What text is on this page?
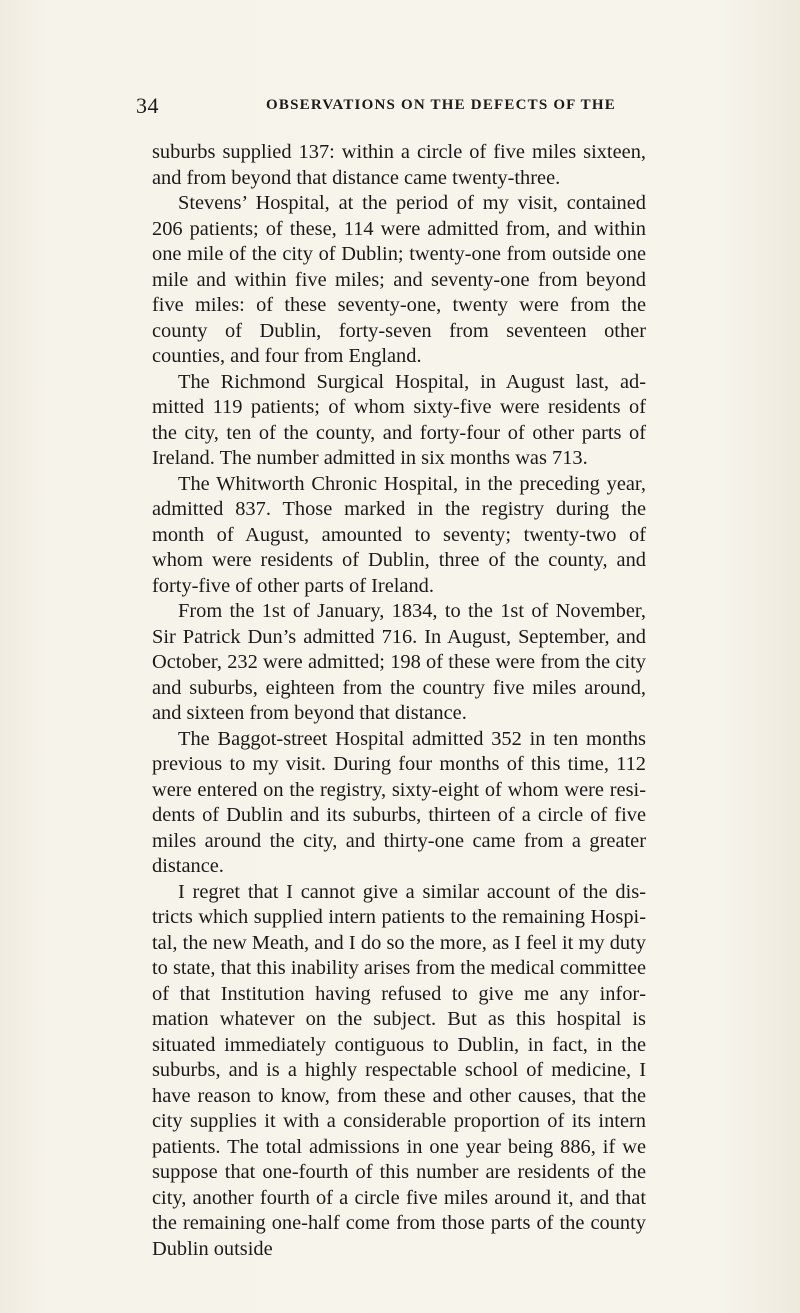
34	OBSERVATIONS ON THE DEFECTS OF THE

suburbs supplied 137: within a circle of five miles sixteen, and from beyond that distance came twenty-three.

Stevens’ Hospital, at the period of my visit, contained 206 patients; of these, 114 were admitted from, and within one mile of the city of Dublin; twenty-one from outside one mile and within five miles; and seventy-one from beyond five miles: of these seventy-one, twenty were from the county of Dublin, forty-seven from seventeen other counties, and four from England.

The Richmond Surgical Hospital, in August last, admitted 119 patients; of whom sixty-five were residents of the city, ten of the county, and forty-four of other parts of Ireland. The number admitted in six months was 713.

The Whitworth Chronic Hospital, in the preceding year, admitted 837. Those marked in the registry during the month of August, amounted to seventy; twenty-two of whom were residents of Dublin, three of the county, and forty-five of other parts of Ireland.

From the 1st of January, 1834, to the 1st of November, Sir Patrick Dun’s admitted 716. In August, September, and October, 232 were admitted; 198 of these were from the city and suburbs, eighteen from the country five miles around, and sixteen from beyond that distance.

The Baggot-street Hospital admitted 352 in ten months previous to my visit. During four months of this time, 112 were entered on the registry, sixty-eight of whom were residents of Dublin and its suburbs, thirteen of a circle of five miles around the city, and thirty-one came from a greater distance.

I regret that I cannot give a similar account of the districts which supplied intern patients to the remaining Hospital, the new Meath, and I do so the more, as I feel it my duty to state, that this inability arises from the medical committee of that Institution having refused to give me any information whatever on the subject. But as this hospital is situated immediately contiguous to Dublin, in fact, in the suburbs, and is a highly respectable school of medicine, I have reason to know, from these and other causes, that the city supplies it with a considerable proportion of its intern patients. The total admissions in one year being 886, if we suppose that one-fourth of this number are residents of the city, another fourth of a circle five miles around it, and that the remaining one-half come from those parts of the county Dublin outside
